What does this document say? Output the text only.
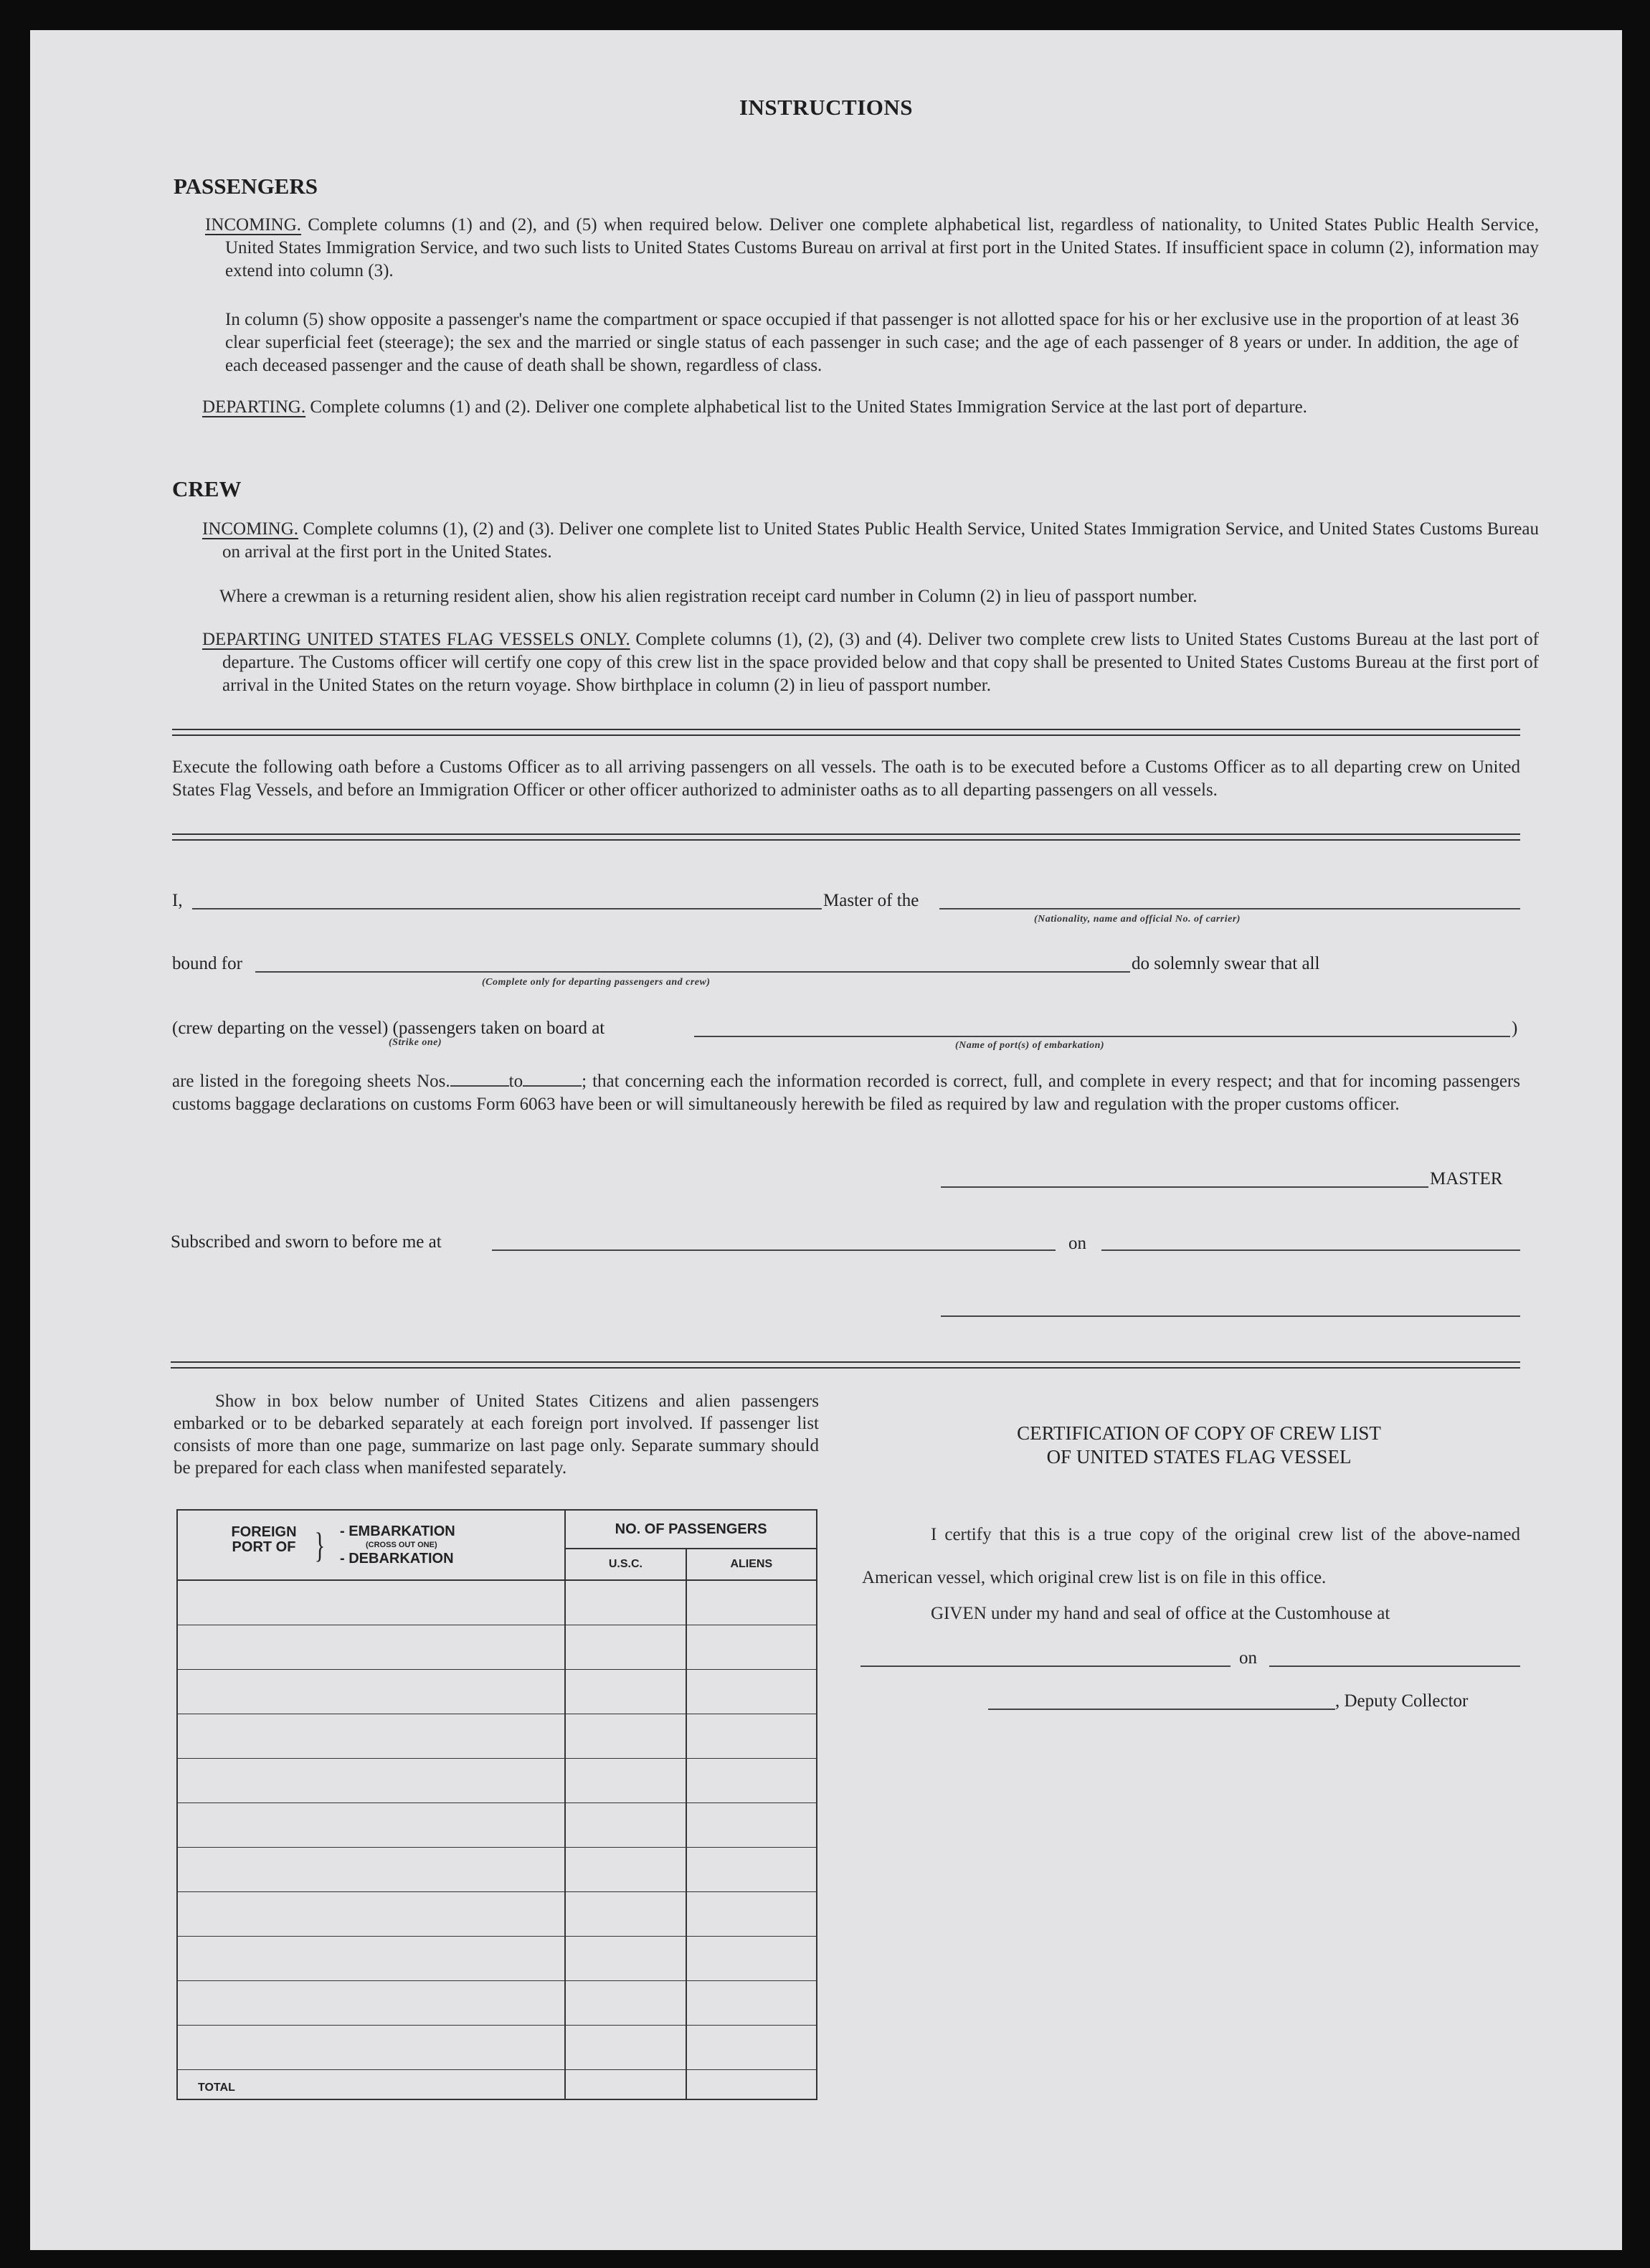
INSTRUCTIONS
PASSENGERS
INCOMING. Complete columns (1) and (2), and (5) when required below. Deliver one complete alphabetical list, regardless of nationality, to United States Public Health Service, United States Immigration Service, and two such lists to United States Customs Bureau on arrival at first port in the United States. If insufficient space in column (2), information may extend into column (3).
In column (5) show opposite a passenger's name the compartment or space occupied if that passenger is not allotted space for his or her exclusive use in the proportion of at least 36 clear superficial feet (steerage); the sex and the married or single status of each passenger in such case; and the age of each passenger of 8 years or under. In addition, the age of each deceased passenger and the cause of death shall be shown, regardless of class.
DEPARTING. Complete columns (1) and (2). Deliver one complete alphabetical list to the United States Immigration Service at the last port of departure.
CREW
INCOMING. Complete columns (1), (2) and (3). Deliver one complete list to United States Public Health Service, United States Immigration Service, and United States Customs Bureau on arrival at the first port in the United States.
Where a crewman is a returning resident alien, show his alien registration receipt card number in Column (2) in lieu of passport number.
DEPARTING UNITED STATES FLAG VESSELS ONLY. Complete columns (1), (2), (3) and (4). Deliver two complete crew lists to United States Customs Bureau at the last port of departure. The Customs officer will certify one copy of this crew list in the space provided below and that copy shall be presented to United States Customs Bureau at the first port of arrival in the United States on the return voyage. Show birthplace in column (2) in lieu of passport number.
Execute the following oath before a Customs Officer as to all arriving passengers on all vessels. The oath is to be executed before a Customs Officer as to all departing crew on United States Flag Vessels, and before an Immigration Officer or other officer authorized to administer oaths as to all departing passengers on all vessels.
I,	Master of the
(Nationality, name and official No. of carrier)
bound for
(Complete only for departing passengers and crew)
do solemnly swear that all
(crew departing on the vessel) (passengers taken on board at
(Strike one)	(Name of port(s) of embarkation)
)
are listed in the foregoing sheets Nos.	to	; that concerning each the information recorded is correct, full, and complete in every respect; and that for incoming passengers customs baggage declarations on customs Form 6063 have been or will simultaneously herewith be filed as required by law and regulation with the proper customs officer.
MASTER
Subscribed and sworn to before me at	on
Show in box below number of United States Citizens and alien passengers embarked or to be debarked separately at each foreign port involved. If passenger list consists of more than one page, summarize on last page only. Separate summary should be prepared for each class when manifested separately.
FOREIGN PORT OF } - EMBARKATION
(CROSS OUT ONE)
- DEBARKATION	NO. OF PASSENGERS	
	U.S.C.	ALIENS

TOTAL		
CERTIFICATION OF COPY OF CREW LIST
OF UNITED STATES FLAG VESSEL
I certify that this is a true copy of the original crew list of the above-named American vessel, which original crew list is on file in this office.
GIVEN under my hand and seal of office at the Customhouse at
on
, Deputy Collector
